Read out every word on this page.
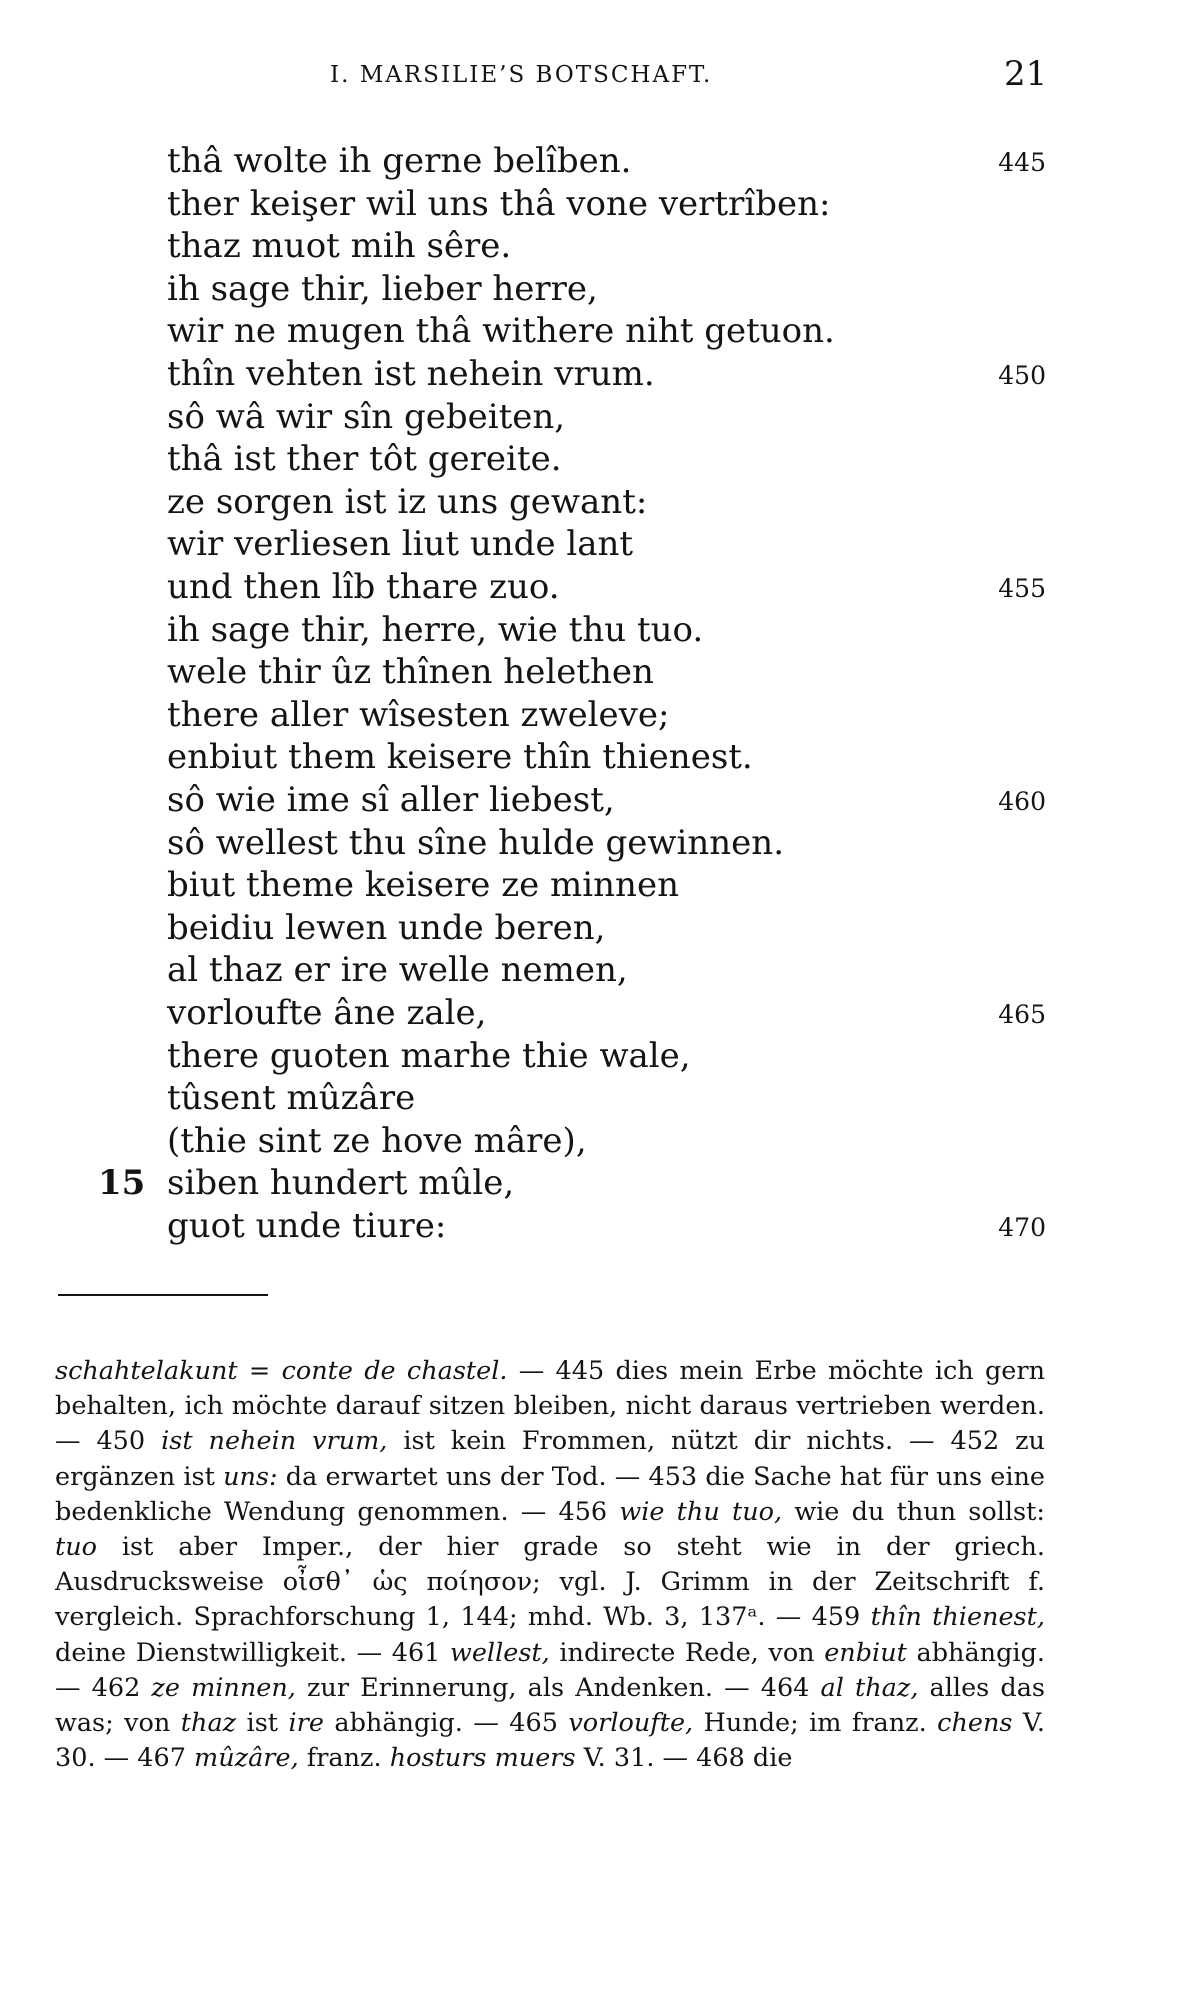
I. MARSILIE’S BOTSCHAFT.	21
thâ wolte ih gerne belîben.	445
ther keişer wil uns thâ vone vertrîben:
thaz muot mih sêre.
ih sage thir, lieber herre,
wir ne mugen thâ withere niht getuon.
thîn vehten ist nehein vrum.	450
sô wâ wir sîn gebeiten,
thâ ist ther tôt gereite.
ze sorgen ist iz uns gewant:
wir verliesen liut unde lant
und then lîb thare zuo.	455
ih sage thir, herre, wie thu tuo.
wele thir ûz thînen helethen
there aller wîsesten zweleve;
enbiut them keisere thîn thienest.
sô wie ime sî aller liebest,	460
sô wellest thu sîne hulde gewinnen.
biut theme keisere ze minnen
beidiu lewen unde beren,
al thaz er ire welle nemen,
vorloufte âne zale,	465
there guoten marhe thie wale,
tûsent mûzâre
(thie sint ze hove mâre),
15 siben hundert mûle,
guot unde tiure:	470
schahtelakunt = conte de chastel. — 445 dies mein Erbe möchte ich gern behalten, ich möchte darauf sitzen bleiben, nicht daraus vertrieben werden. — 450 ist nehein vrum, ist kein Frommen, nützt dir nichts. — 452 zu ergänzen ist uns: da erwartet uns der Tod. — 453 die Sache hat für uns eine bedenkliche Wendung genommen. — 456 wie thu tuo, wie du thun sollst: tuo ist aber Imper., der hier grade so steht wie in der griech. Ausdrucksweise οἶσθ᾽ ὡς ποίησον; vgl. J. Grimm in der Zeitschrift f. vergleich. Sprachforschung 1, 144; mhd. Wb. 3, 137ᵃ. — 459 thîn thienest, deine Dienstwilligkeit. — 461 wellest, indirecte Rede, von enbiut abhängig. — 462 ze minnen, zur Erinnerung, als Andenken. — 464 al thaz, alles das was; von thaz ist ire abhängig. — 465 vorloufte, Hunde; im franz. chens V. 30. — 467 mûzâre, franz. hosturs muers V. 31. — 468 die
